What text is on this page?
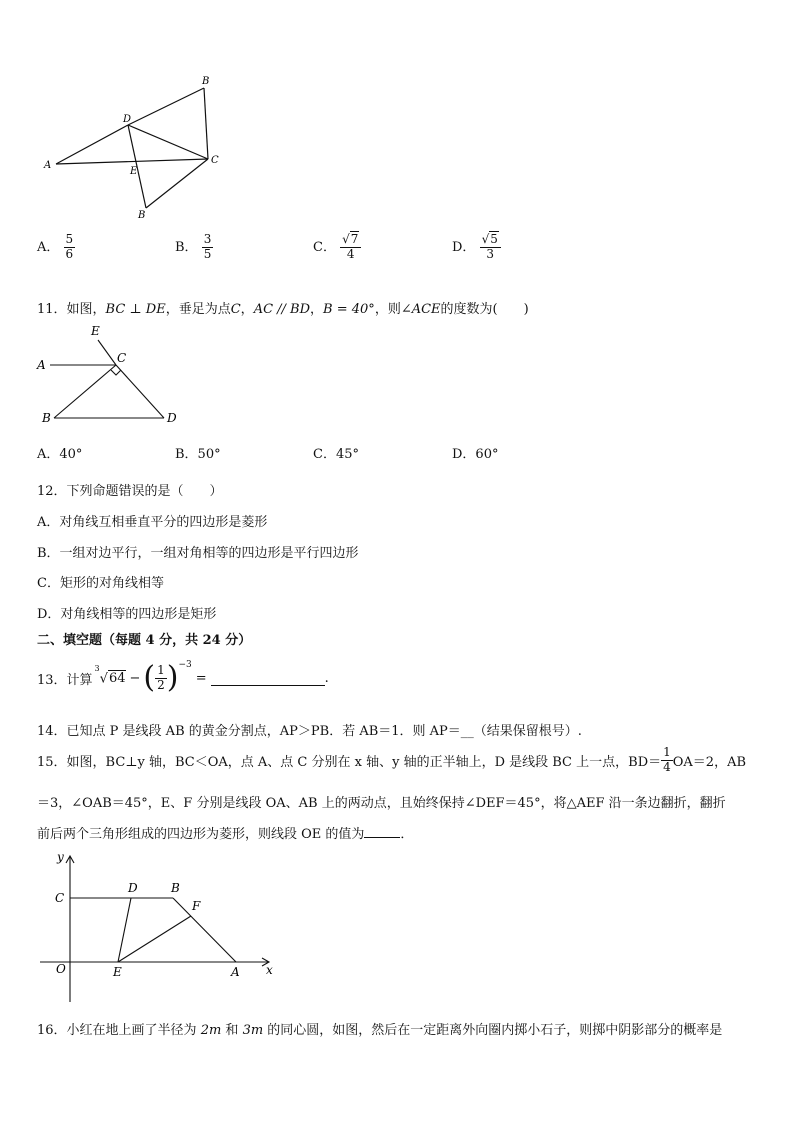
A
B
C
D
E
B
A． $\frac{5}{6}$	B． $\frac{3}{5}$	C． $\frac{√7}{4}$	D． $\frac{√5}{3}$
11．如图，BC ⊥ DE，垂足为点C，AC // BD，B = 40°，则∠ACE的度数为(　　)
E
A	C
B	D
A．40°	B．50°	C．45°	D．60°
12．下列命题错误的是（　　）
A．对角线互相垂直平分的四边形是菱形
B．一组对边平行，一组对角相等的四边形是平行四边形
C．矩形的对角线相等
D．对角线相等的四边形是矩形
二、填空题（每题 4 分，共 24 分）
13．计算
$^3$√64 − ( $\frac{1}{2} )^{-3}$
=	.
14．已知点 P 是线段 AB 的黄金分割点，AP＞PB．若 AB＝1．则 AP＝__（结果保留根号）.
15．如图，BC⊥y 轴，BC＜OA，点 A、点 C 分别在 x 轴、y 轴的正半轴上，D 是线段 BC 上一点，$BD= \frac{1}{4} OA=2$，AB
＝3，∠OAB＝45°，E、F 分别是线段 OA、AB 上的两动点，且始终保持∠DEF＝45°，将△AEF 沿一条边翻折，翻折
前后两个三角形组成的四边形为菱形，则线段 OE 的值为	．
y
C
D	B
F
O	E	A x
16．小红在地上画了半径为 2m 和 3m 的同心圆，如图，然后在一定距离外向圈内掷小石子，则掷中阴影部分的概率是
